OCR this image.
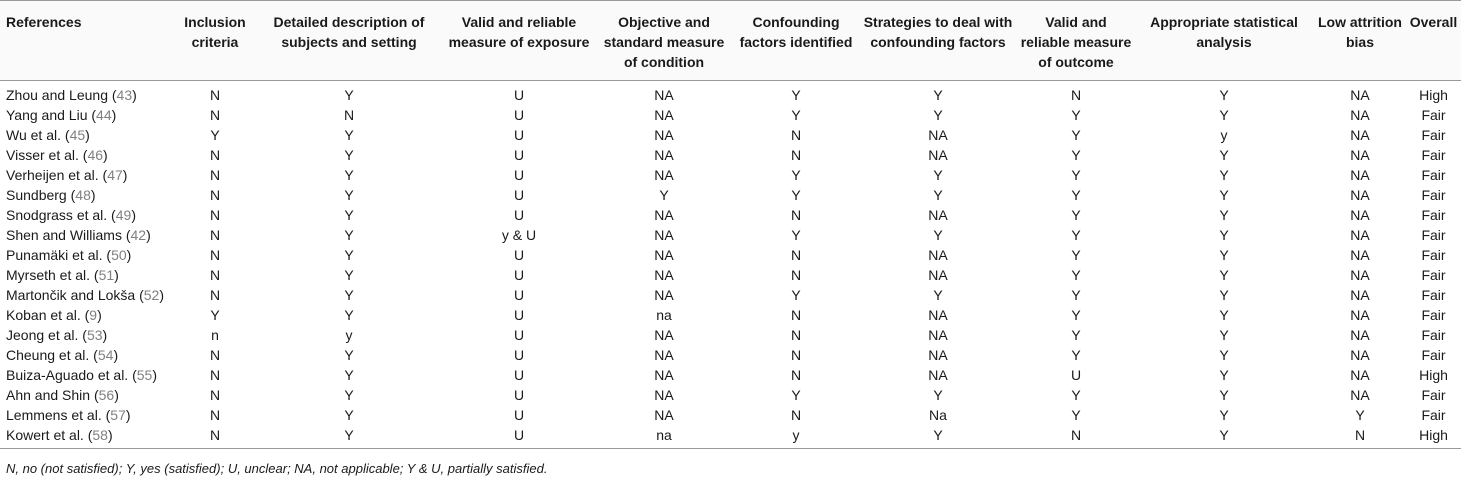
References	Inclusion criteria	Detailed description of subjects and setting	Valid and reliable measure of exposure	Objective and standard measure of condition	Confounding factors identified	Strategies to deal with confounding factors	Valid and reliable measure of outcome	Appropriate statistical analysis	Low attrition bias	Overall
Zhou and Leung (43)	N	Y	U	NA	Y	Y	N	Y	NA	High
Yang and Liu (44)	N	N	U	NA	Y	Y	Y	Y	NA	Fair
Wu et al. (45)	Y	Y	U	NA	N	NA	Y	y	NA	Fair
Visser et al. (46)	N	Y	U	NA	N	NA	Y	Y	NA	Fair
Verheijen et al. (47)	N	Y	U	NA	Y	Y	Y	Y	NA	Fair
Sundberg (48)	N	Y	U	Y	Y	Y	Y	Y	NA	Fair
Snodgrass et al. (49)	N	Y	U	NA	N	NA	Y	Y	NA	Fair
Shen and Williams (42)	N	Y	y & U	NA	Y	Y	Y	Y	NA	Fair
Punamäki et al. (50)	N	Y	U	NA	N	NA	Y	Y	NA	Fair
Myrseth et al. (51)	N	Y	U	NA	N	NA	Y	Y	NA	Fair
Martončik and Lokša (52)	N	Y	U	NA	Y	Y	Y	Y	NA	Fair
Koban et al. (9)	Y	Y	U	na	N	NA	Y	Y	NA	Fair
Jeong et al. (53)	n	y	U	NA	N	NA	Y	Y	NA	Fair
Cheung et al. (54)	N	Y	U	NA	N	NA	Y	Y	NA	Fair
Buiza-Aguado et al. (55)	N	Y	U	NA	N	NA	U	Y	NA	High
Ahn and Shin (56)	N	Y	U	NA	Y	Y	Y	Y	NA	Fair
Lemmens et al. (57)	N	Y	U	NA	N	Na	Y	Y	Y	Fair
Kowert et al. (58)	N	Y	U	na	y	Y	N	Y	N	High
N, no (not satisfied); Y, yes (satisfied); U, unclear; NA, not applicable; Y & U, partially satisfied.
